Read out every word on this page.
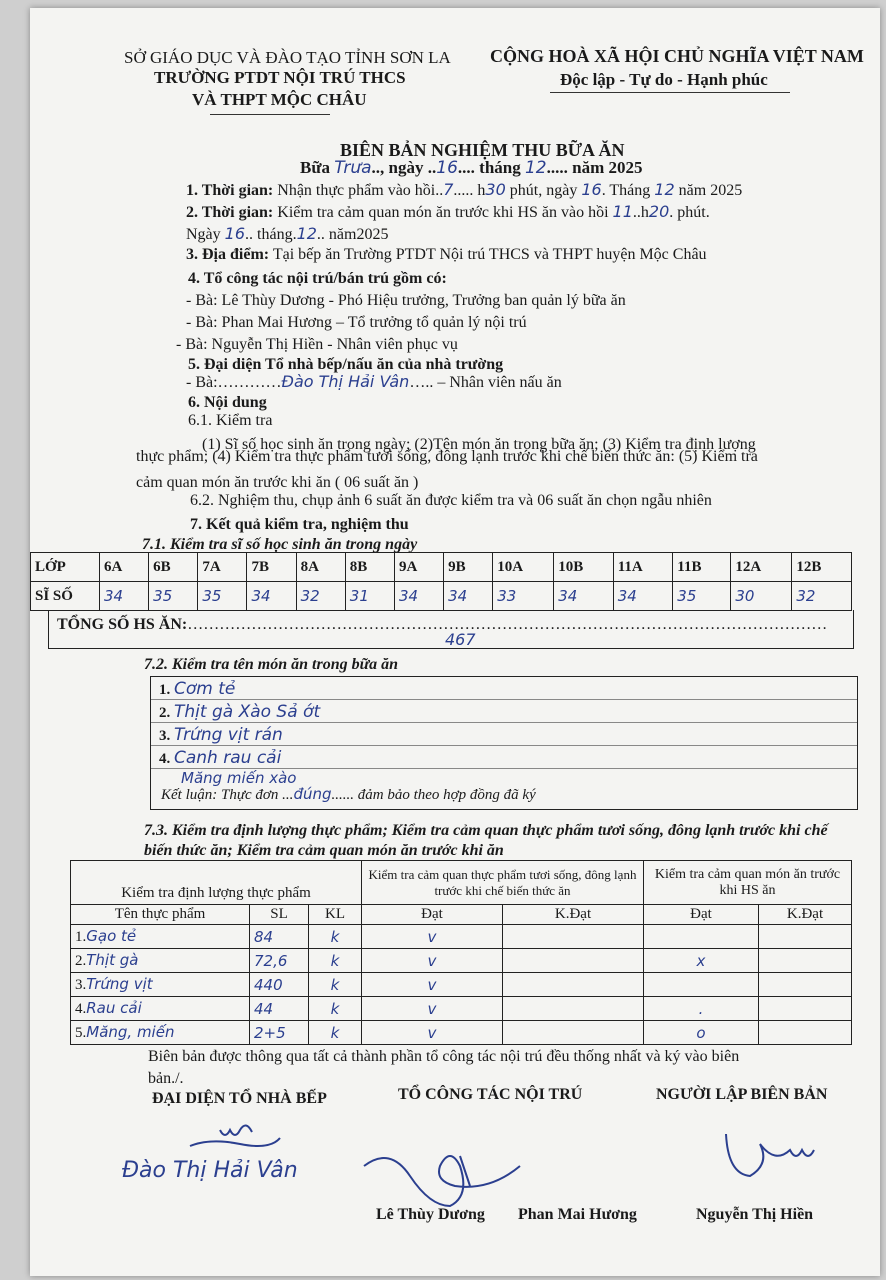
SỞ GIÁO DỤC VÀ ĐÀO TẠO TỈNH SƠN LA
TRƯỜNG PTDT NỘI TRÚ THCS
VÀ THPT MỘC CHÂU
CỘNG HOÀ XÃ HỘI CHỦ NGHĨA VIỆT NAM
Độc lập - Tự do - Hạnh phúc
BIÊN BẢN NGHIỆM THU BỮA ĂN
Bữa Trưa.., ngày ..16.... tháng 12..... năm 2025
1. Thời gian: Nhận thực phẩm vào hồi..7..... h30 phút, ngày 16. Tháng 12 năm 2025
2. Thời gian: Kiểm tra cảm quan món ăn trước khi HS ăn vào hồi 11..h20. phút.
Ngày 16.. tháng.12.. năm2025
3. Địa điểm: Tại bếp ăn Trường PTDT Nội trú THCS và THPT huyện Mộc Châu
4. Tổ công tác nội trú/bán trú gồm có:
- Bà: Lê Thùy Dương - Phó Hiệu trưởng, Trưởng ban quản lý bữa ăn
- Bà: Phan Mai Hương – Tổ trưởng tổ quản lý nội trú
- Bà: Nguyễn Thị Hiền - Nhân viên phục vụ
5. Đại diện Tổ nhà bếp/nấu ăn của nhà trường
- Bà:…………Đào Thị Hải Vân….. – Nhân viên nấu ăn
6. Nội dung
6.1. Kiểm tra
(1) Sĩ số học sinh ăn trong ngày; (2)Tên món ăn trong bữa ăn; (3) Kiểm tra định lượng
thực phẩm; (4) Kiểm tra thực phẩm tươi sống, đông lạnh trước khi chế biến thức ăn: (5) Kiểm tra
cảm quan món ăn trước khi ăn ( 06 suất ăn )
6.2. Nghiệm thu, chụp ảnh 6 suất ăn được kiểm tra và 06 suất ăn chọn ngẫu nhiên
7. Kết quả kiểm tra, nghiệm thu
7.1. Kiểm tra sĩ số học sinh ăn trong ngày
LỚP	6A	6B	7A	7B	8A	8B	9A	9B	10A	10B	11A	11B	12A	12B
SĨ SỐ	34	35	35	34	32	31	34	34	33	34	34	35	30	32
TỔNG SỐ HS ĂN:…………………………………………………………………………………………………………
467
7.2. Kiểm tra tên món ăn trong bữa ăn
1. Cơm tẻ
2. Thịt gà Xào Sả ớt
3. Trứng vịt rán
4. Canh rau cải
Măng miến xào
Kết luận: Thực đơn ...đúng...... đảm bảo theo hợp đồng đã ký
7.3. Kiểm tra định lượng thực phẩm; Kiểm tra cảm quan thực phẩm tươi sống, đông lạnh trước khi chế
biến thức ăn; Kiểm tra cảm quan món ăn trước khi ăn
Kiểm tra định lượng thực phẩm			Kiểm tra cảm quan thực phẩm tươi sống, đông lạnh trước khi chế biến thức ăn		Kiểm tra cảm quan món ăn trước khi HS ăn	
Tên thực phẩm	SL	KL	Đạt	K.Đạt	Đạt	K.Đạt
1.Gạo tẻ	84	k	v			
2.Thịt gà	72,6	k	v		x	
3.Trứng vịt	440	k	v			
4.Rau cải	44	k	v		.	
5.Măng, miến	2+5	k	v		o	
Biên bản được thông qua tất cả thành phần tổ công tác nội trú đều thống nhất và ký vào biên
bản./.
ĐẠI DIỆN TỔ NHÀ BẾP	TỔ CÔNG TÁC NỘI TRÚ	NGƯỜI LẬP BIÊN BẢN
Đào Thị Hải Vân
Lê Thùy Dương Phan Mai Hương	Nguyễn Thị Hiền
